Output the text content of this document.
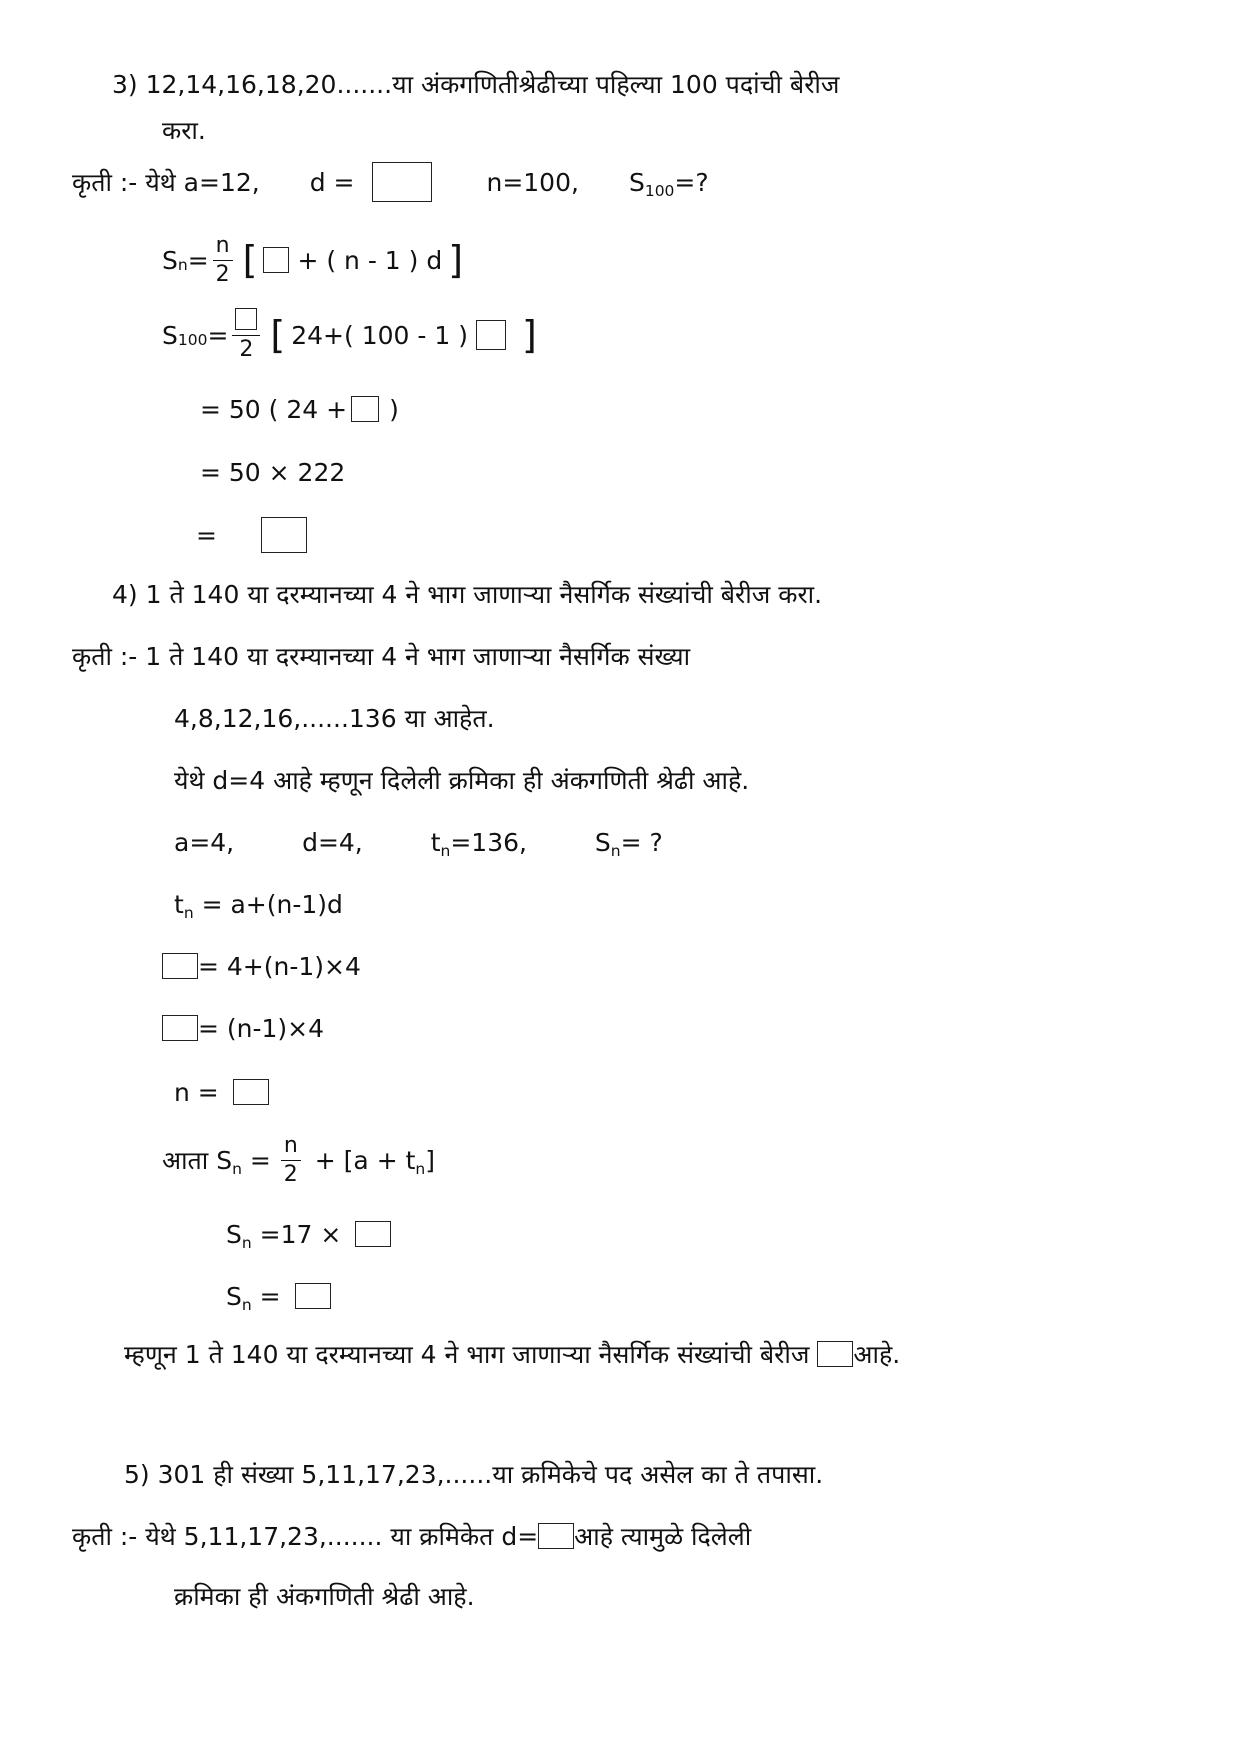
3) 12,14,16,18,20.......या अंकगणितीश्रेढीच्या पहिल्या 100 पदांची बेरीज
करा.
कृती :- येथे a=12, d =	n=100, $S_{100}=$?
S $n = \frac{n}{2}$ [ + ( n - 1 ) d ]
S 100 = 2 [ 24+( 100 - 1 ) ]
= 50 ( 24 + )
= 50 × 222
=
4) 1 ते 140 या दरम्यानच्या 4 ने भाग जाणाऱ्या नैसर्गिक संख्यांची बेरीज करा.
कृती :- 1 ते 140 या दरम्यानच्या 4 ने भाग जाणाऱ्या नैसर्गिक संख्या
4,8,12,16,......136 या आहेत.
येथे d=4 आहे म्हणून दिलेली क्रमिका ही अंकगणिती श्रेढी आहे.
a=4,	d=4,	$t_n=136$,	$S_n=$ ?
$t_n = a+(n-1)d$
= 4+(n-1)×4
= (n-1)×4
n =
आता $S_n = \frac{n}{2} + [a + t_n]$
$S_n =17$ ×
$S_n$ =
म्हणून 1 ते 140 या दरम्यानच्या 4 ने भाग जाणाऱ्या नैसर्गिक संख्यांची बेरीज आहे.
5) 301 ही संख्या 5,11,17,23,......या क्रमिकेचे पद असेल का ते तपासा.
कृती :- येथे 5,11,17,23,....... या क्रमिकेत d= आहे त्यामुळे दिलेली
क्रमिका ही अंकगणिती श्रेढी आहे.
